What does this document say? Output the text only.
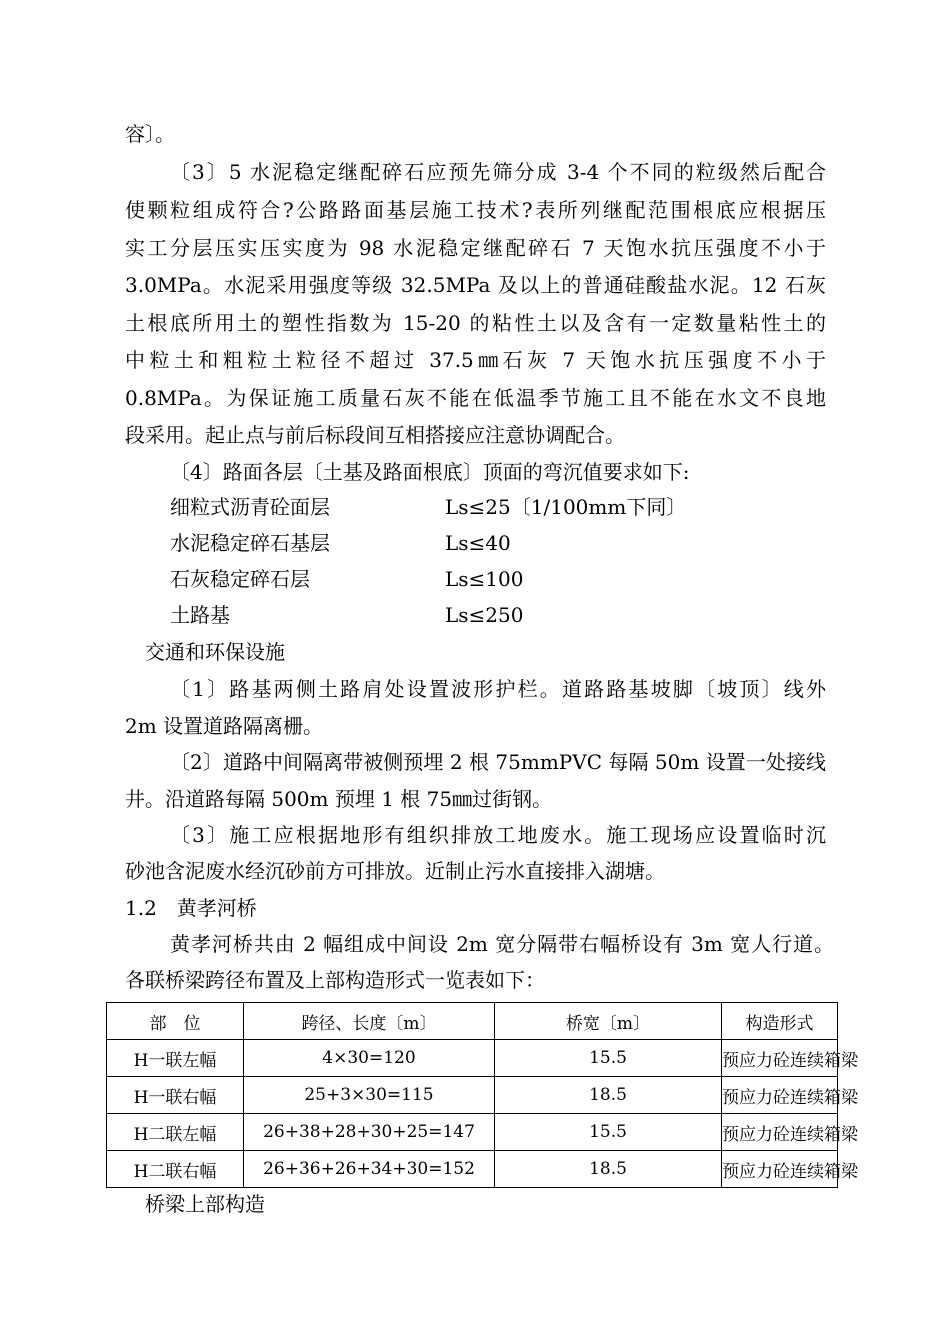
容〕。
〔3〕5 水泥稳定继配碎石应预先筛分成 3-4 个不同的粒级然后配合
使颗粒组成符合?公路路面基层施工技术?表所列继配范围根底应根据压
实工分层压实压实度为 98 水泥稳定继配碎石 7 天饱水抗压强度不小于
3.0MPa。水泥采用强度等级 32.5MPa 及以上的普通硅酸盐水泥。12 石灰
土根底所用土的塑性指数为 15-20 的粘性土以及含有一定数量粘性土的
中粒土和粗粒土粒径不超过 37.5㎜石灰 7 天饱水抗压强度不小于
0.8MPa。为保证施工质量石灰不能在低温季节施工且不能在水文不良地
段采用。起止点与前后标段间互相搭接应注意协调配合。
〔4〕路面各层〔土基及路面根底〕顶面的弯沉值要求如下:
细粒式沥青砼面层	Ls≤25〔1/100mm下同〕
水泥稳定碎石基层	Ls≤40
石灰稳定碎石层	Ls≤100
土路基	Ls≤250
交通和环保设施
〔1〕路基两侧土路肩处设置波形护栏。道路路基坡脚〔坡顶〕线外
2m 设置道路隔离栅。
〔2〕道路中间隔离带被侧预埋 2 根 75mmPVC 每隔 50m 设置一处接线
井。沿道路每隔 500m 预埋 1 根 75㎜过街钢。
〔3〕施工应根据地形有组织排放工地废水。施工现场应设置临时沉
砂池含泥废水经沉砂前方可排放。近制止污水直接排入湖塘。
1.2　黄孝河桥
黄孝河桥共由 2 幅组成中间设 2m 宽分隔带右幅桥设有 3m 宽人行道。
各联桥梁跨径布置及上部构造形式一览表如下：
部　位	跨径、长度〔m〕	桥宽〔m〕	构造形式
H一联左幅	4×30=120	15.5	预应力砼连续箱梁
H一联右幅	25+3×30=115	18.5	预应力砼连续箱梁
H二联左幅	26+38+28+30+25=147	15.5	预应力砼连续箱梁
H二联右幅	26+36+26+34+30=152	18.5	预应力砼连续箱梁
桥梁上部构造
